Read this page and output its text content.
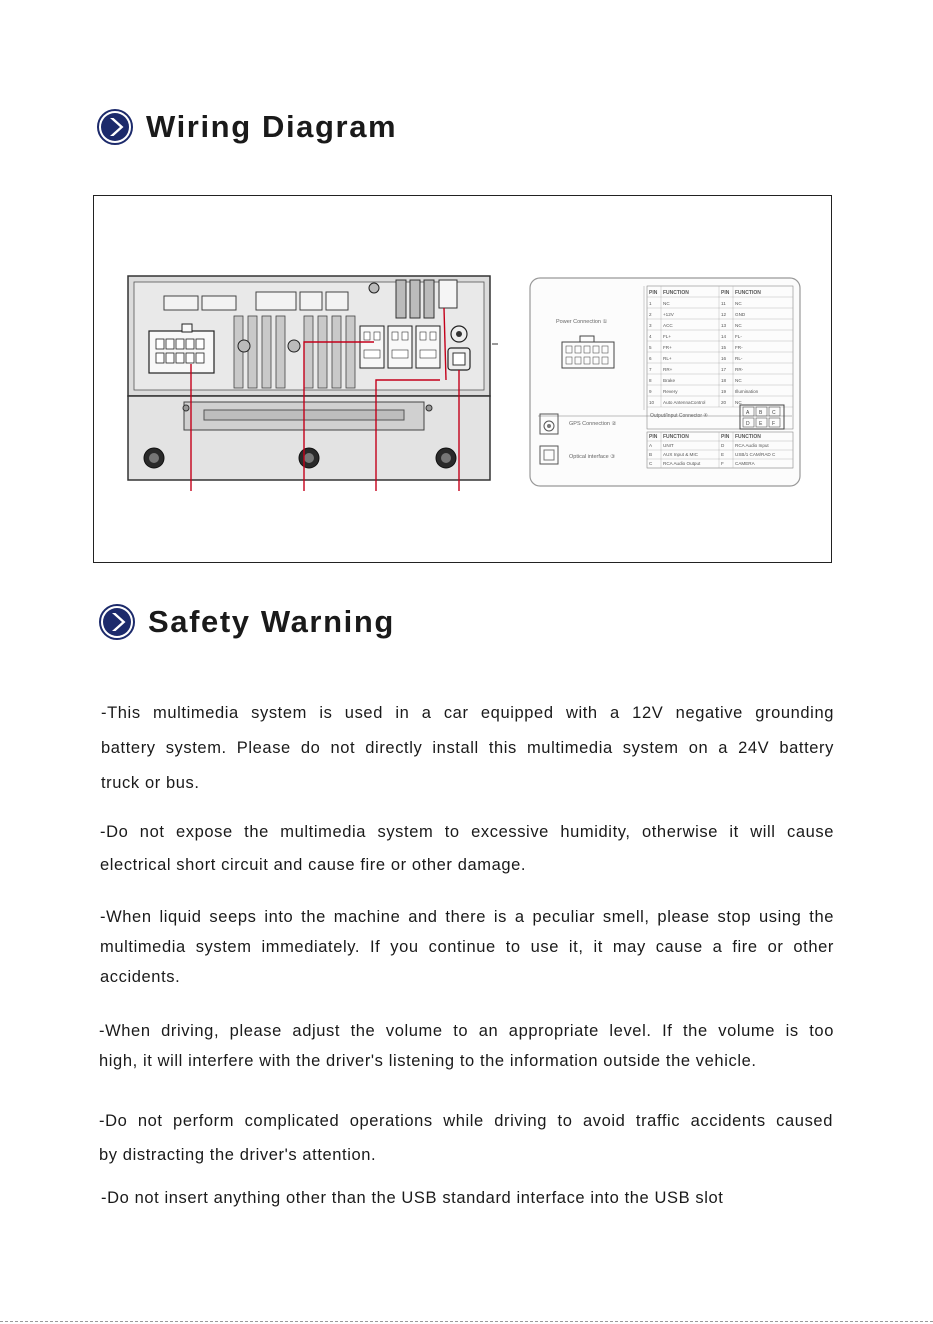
Wiring Diagram
Power Connection ①
GPS Connection ②
Optical interface ③
PIN FUNCTION	PIN FUNCTION
1 NC	11 NC
2 +12V	12 GND
3 ACC	13 NC
4 FL+	14 FL-
5 FR+	15 FR-
6 RL+	16 RL-
7 RR+	17 RR-
8 Brake	18 NC
9 Revery	19 Illumination
10 Auto AntennaControl	20 NC
Output/Input Connector ④	A B C
D E F
PIN FUNCTION	PIN FUNCTION
A UNIT	D RCA Audio Input
B AUX Input & MIC	E USB/1 CAM/RAD C
C RCA Audio Output	F CAMERA
Safety Warning

-This multimedia system is used in a car equipped with a 12V negative grounding
battery system. Please do not directly install this multimedia system on a 24V battery
truck or bus.

-Do not expose the multimedia system to excessive humidity, otherwise it will cause
electrical short circuit and cause fire or other damage.

-When liquid seeps into the machine and there is a peculiar smell, please stop using the
multimedia system immediately. If you continue to use it, it may cause a fire or other
accidents.

-When driving, please adjust the volume to an appropriate level. If the volume is too
high, it will interfere with the driver's listening to the information outside the vehicle.

-Do not perform complicated operations while driving to avoid traffic accidents caused
by distracting the driver's attention.

-Do not insert anything other than the USB standard interface into the USB slot
